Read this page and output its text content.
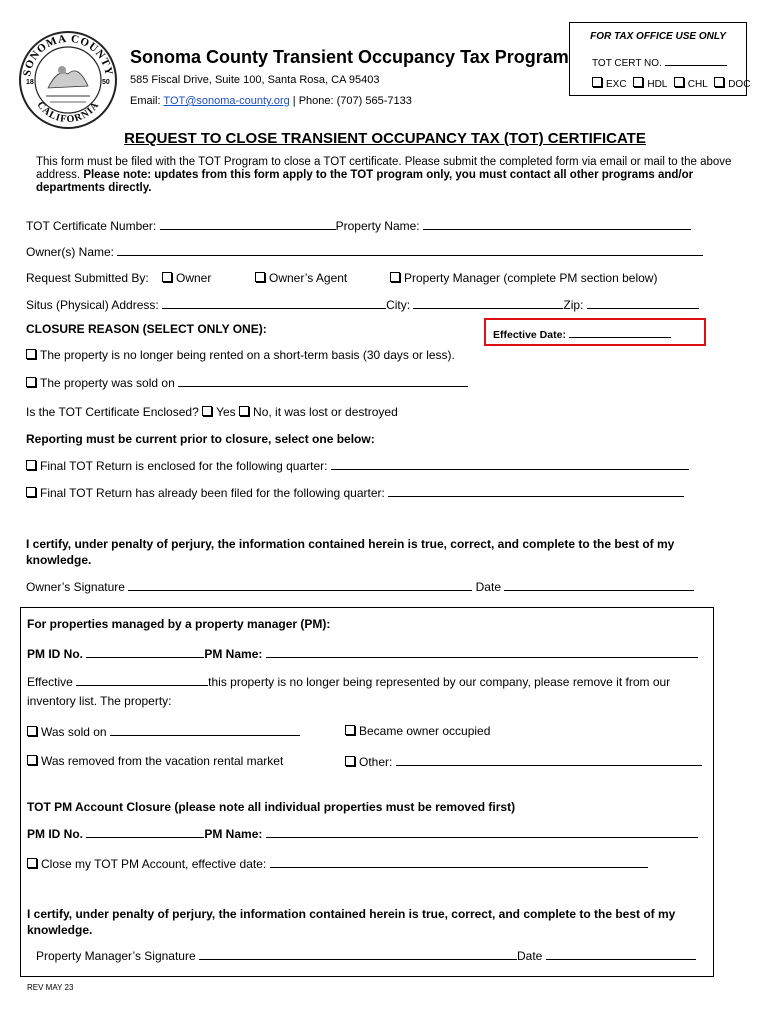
SONOMA COUNTY
CALIFORNIA
18	50
Sonoma County Transient Occupancy Tax Program
585 Fiscal Drive, Suite 100, Santa Rosa, CA 95403
Email: TOT@sonoma-county.org | Phone: (707) 565-7133
FOR TAX OFFICE USE ONLY
TOT CERT NO.
EXC HDL CHL DOC
REQUEST TO CLOSE TRANSIENT OCCUPANCY TAX (TOT) CERTIFICATE
This form must be filed with the TOT Program to close a TOT certificate. Please submit the completed form via email or mail to the above address. Please note: updates from this form apply to the TOT program only, you must contact all other programs and/or departments directly.
TOT Certificate Number:	Property Name:
Owner(s) Name:
Request Submitted By:	Owner	Owner’s Agent	Property Manager (complete PM section below)
Situs (Physical) Address:	City:	Zip:
CLOSURE REASON (SELECT ONLY ONE):	Effective Date:
The property is no longer being rented on a short-term basis (30 days or less).
The property was sold on
Is the TOT Certificate Enclosed? Yes No, it was lost or destroyed
Reporting must be current prior to closure, select one below:
Final TOT Return is enclosed for the following quarter:
Final TOT Return has already been filed for the following quarter:
I certify, under penalty of perjury, the information contained herein is true, correct, and complete to the best of my knowledge.
Owner’s Signature	Date
For properties managed by a property manager (PM):
PM ID No.	PM Name:
Effective	this property is no longer being represented by our company, please remove it from our
inventory list. The property:
Was sold on	Became owner occupied
Was removed from the vacation rental market	Other:
TOT PM Account Closure (please note all individual properties must be removed first)
PM ID No.	PM Name:
Close my TOT PM Account, effective date:
I certify, under penalty of perjury, the information contained herein is true, correct, and complete to the best of my knowledge.
Property Manager’s Signature	Date
REV MAY 23
